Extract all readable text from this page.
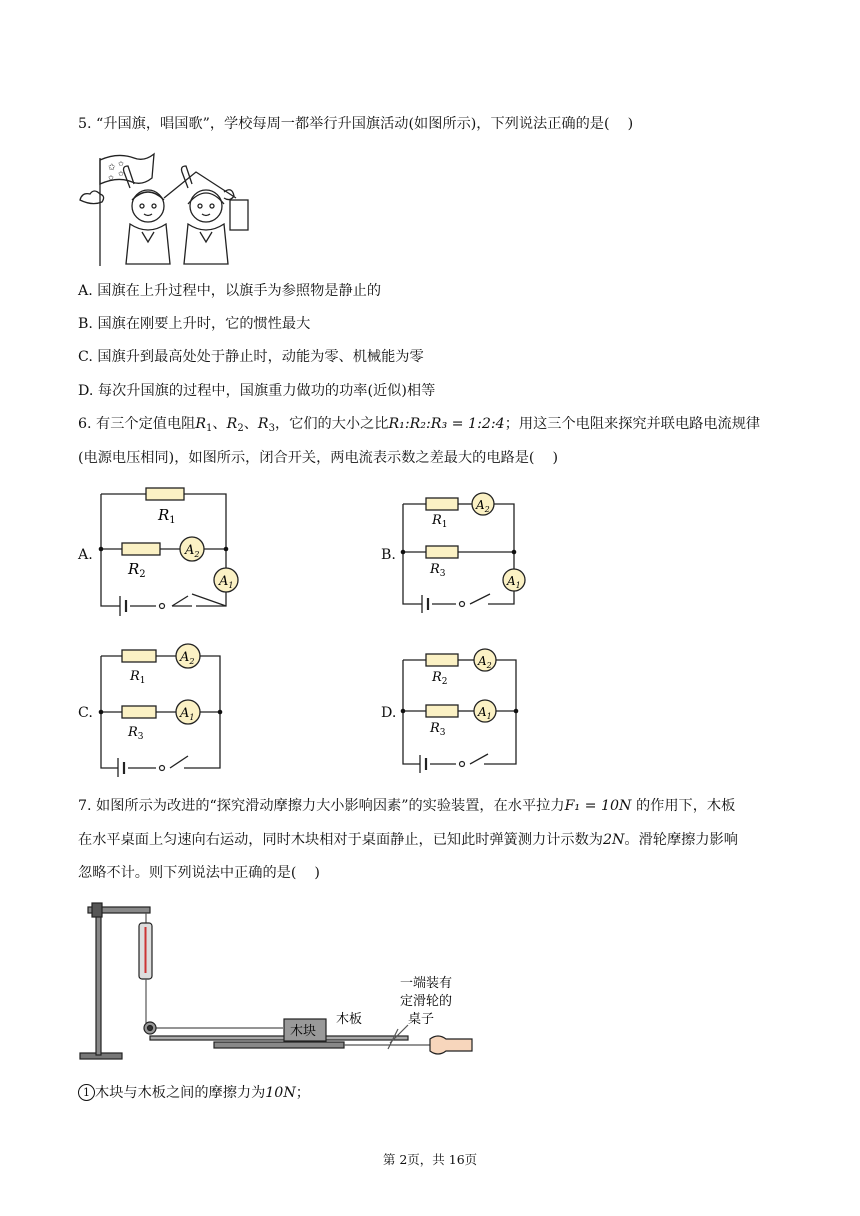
5. “升国旗，唱国歌”，学校每周一都举行升国旗活动(如图所示)，下列说法正确的是(    )
✩ ✩
✩
✩
A. 国旗在上升过程中，以旗手为参照物是静止的
B. 国旗在刚要上升时，它的惯性最大
C. 国旗升到最高处处于静止时，动能为零、机械能为零
D. 每次升国旗的过程中，国旗重力做功的功率(近似)相等
6. 有三个定值电阻$R_1$、$R_2$、$R_3$，它们的大小之比R₁:R₂:R₃ = 1:2:4；用这三个电阻来探究并联电路电流规律
(电源电压相同)，如图所示，闭合开关，两电流表示数之差最大的电路是(    )
A.
$R_1$
$R_2$
$A_2$
$A_1$
B.
$R_1$
$R_3$
$A_2$
$A_1$
C.
$R_1$
$R_3$
$A_2$
$A_1$	D.
$R_2$
$R_3$
$A_2$
$A_1$
7. 如图所示为改进的“探究滑动摩擦力大小影响因素”的实验装置，在水平拉力F₁ = 10N 的作用下，木板
在水平桌面上匀速向右运动，同时木块相对于桌面静止，已知此时弹簧测力计示数为2N。滑轮摩擦力影响
忽略不计。则下列说法中正确的是(    )
木块
木板
一端装有
定滑轮的
桌子
1 木块与木板之间的摩擦力为10N；
第 2页，共 16页
